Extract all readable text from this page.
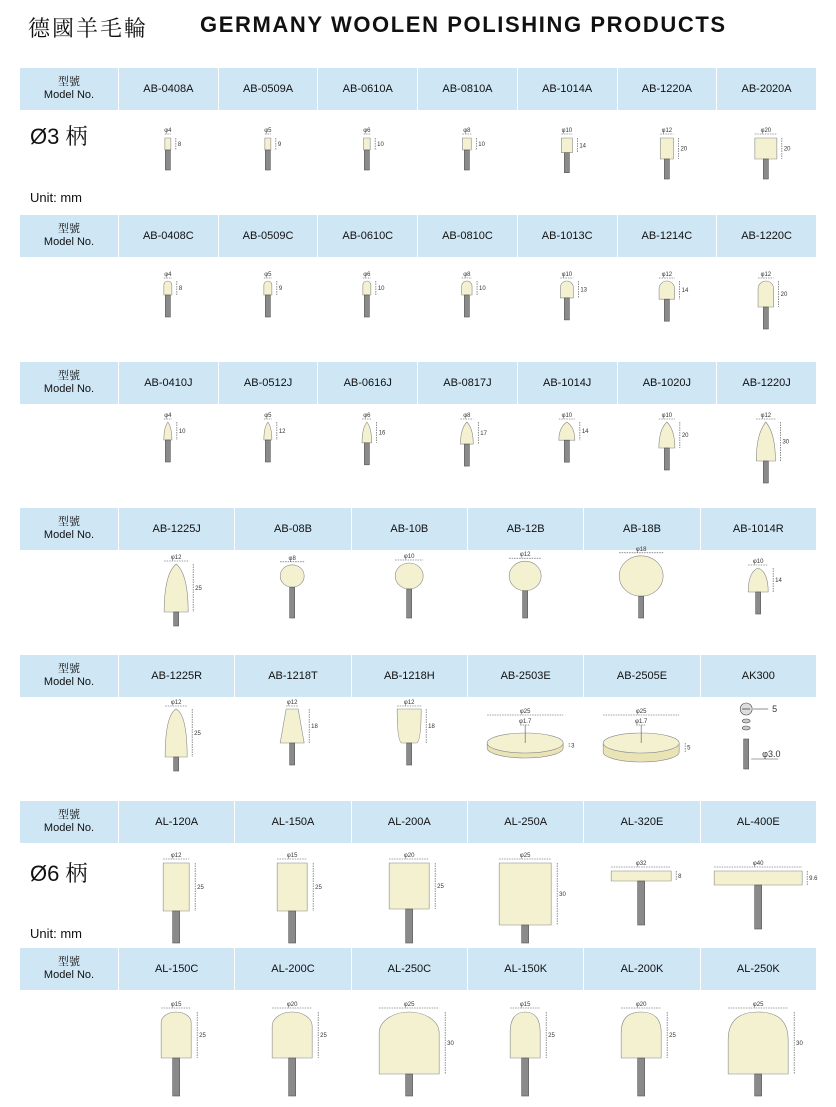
德國羊毛輪 GERMANY WOOLEN POLISHING PRODUCTS
型號
Model No.	AB-0408A	AB-0509A	AB-0610A	AB-0810A	AB-1014A	AB-1220A	AB-2020A
φ4
8
φ5
9
φ6
10
φ8
10
φ10
14
φ12
20
φ20
20
型號
Model No.	AB-0408C	AB-0509C	AB-0610C	AB-0810C	AB-1013C	AB-1214C	AB-1220C
φ4
8
φ5
9
φ6
10
φ8
10
φ10
13
φ12
14
φ12
20
型號
Model No.	AB-0410J	AB-0512J	AB-0616J	AB-0817J	AB-1014J	AB-1020J	AB-1220J
φ4
10
φ5
12
φ6
16
φ8
17
φ10
14
φ10
20
φ12
30
型號
Model No.	AB-1225J	AB-08B	AB-10B	AB-12B	AB-18B	AB-1014R
φ12
25
φ8	φ10	φ12
φ18
φ10
14
型號
Model No.	AB-1225R	AB-1218T	AB-1218H	AB-2503E	AB-2505E	AK300
φ12
25
φ12
18
φ12
18
φ25
φ1.7
3
φ25
φ1.7
5
5
φ3.0
型號
Model No.	AL-120A	AL-150A	AL-200A	AL-250A	AL-320E	AL-400E
φ12
25
φ15
25
φ20
25
φ25
30
φ32
8
φ40
9.6
型號
Model No.	AL-150C	AL-200C	AL-250C	AL-150K	AL-200K	AL-250K
φ15
25
φ20
25
φ25
30
φ15
25
φ20
25
φ25
30
Ø3 柄
Unit: mm
Ø6 柄
Unit: mm
